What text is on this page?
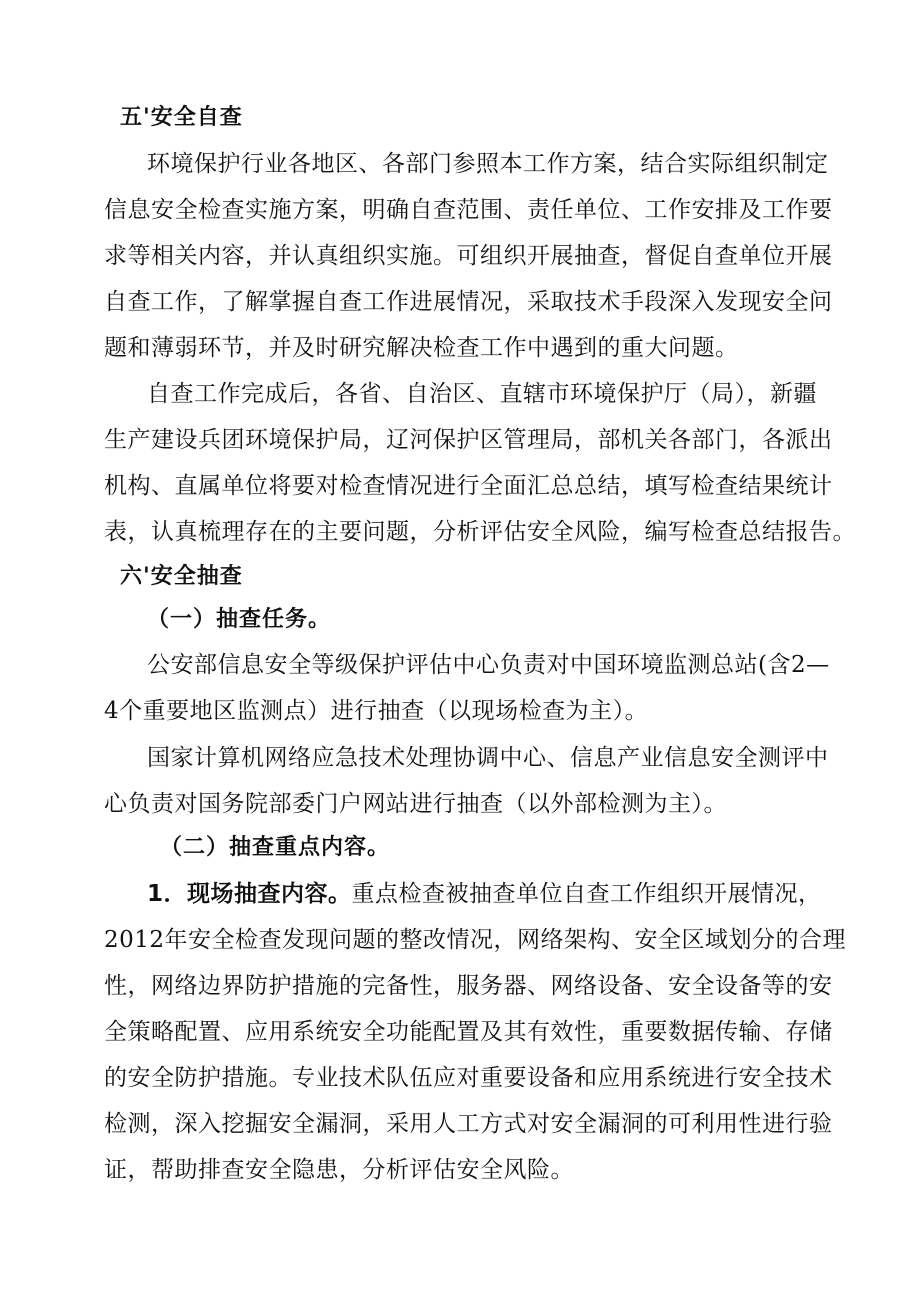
五'安全自查
环境保护行业各地区、各部门参照本工作方案，结合实际组织制定
信息安全检查实施方案，明确自查范围、责任单位、工作安排及工作要
求等相关内容，并认真组织实施。可组织开展抽查，督促自查单位开展
自查工作，了解掌握自查工作进展情况，采取技术手段深入发现安全问
题和薄弱环节，并及时研究解决检查工作中遇到的重大问题。
自查工作完成后，各省、自治区、直辖市环境保护厅（局），新疆
生产建设兵团环境保护局，辽河保护区管理局，部机关各部门，各派出
机构、直属单位将要对检查情况进行全面汇总总结，填写检查结果统计
表，认真梳理存在的主要问题，分析评估安全风险，编写检查总结报告。
六'安全抽查
（一）抽查任务。
公安部信息安全等级保护评估中心负责对中国环境监测总站(含2—
4个重要地区监测点）进行抽查（以现场检查为主）。
国家计算机网络应急技术处理协调中心、信息产业信息安全测评中
心负责对国务院部委门户网站进行抽查（以外部检测为主）。
（二）抽查重点内容。
1．现场抽查内容。重点检查被抽查单位自查工作组织开展情况，
2012年安全检查发现问题的整改情况，网络架构、安全区域划分的合理
性，网络边界防护措施的完备性，服务器、网络设备、安全设备等的安
全策略配置、应用系统安全功能配置及其有效性，重要数据传输、存储
的安全防护措施。专业技术队伍应对重要设备和应用系统进行安全技术
检测，深入挖掘安全漏洞，采用人工方式对安全漏洞的可利用性进行验
证，帮助排查安全隐患，分析评估安全风险。
